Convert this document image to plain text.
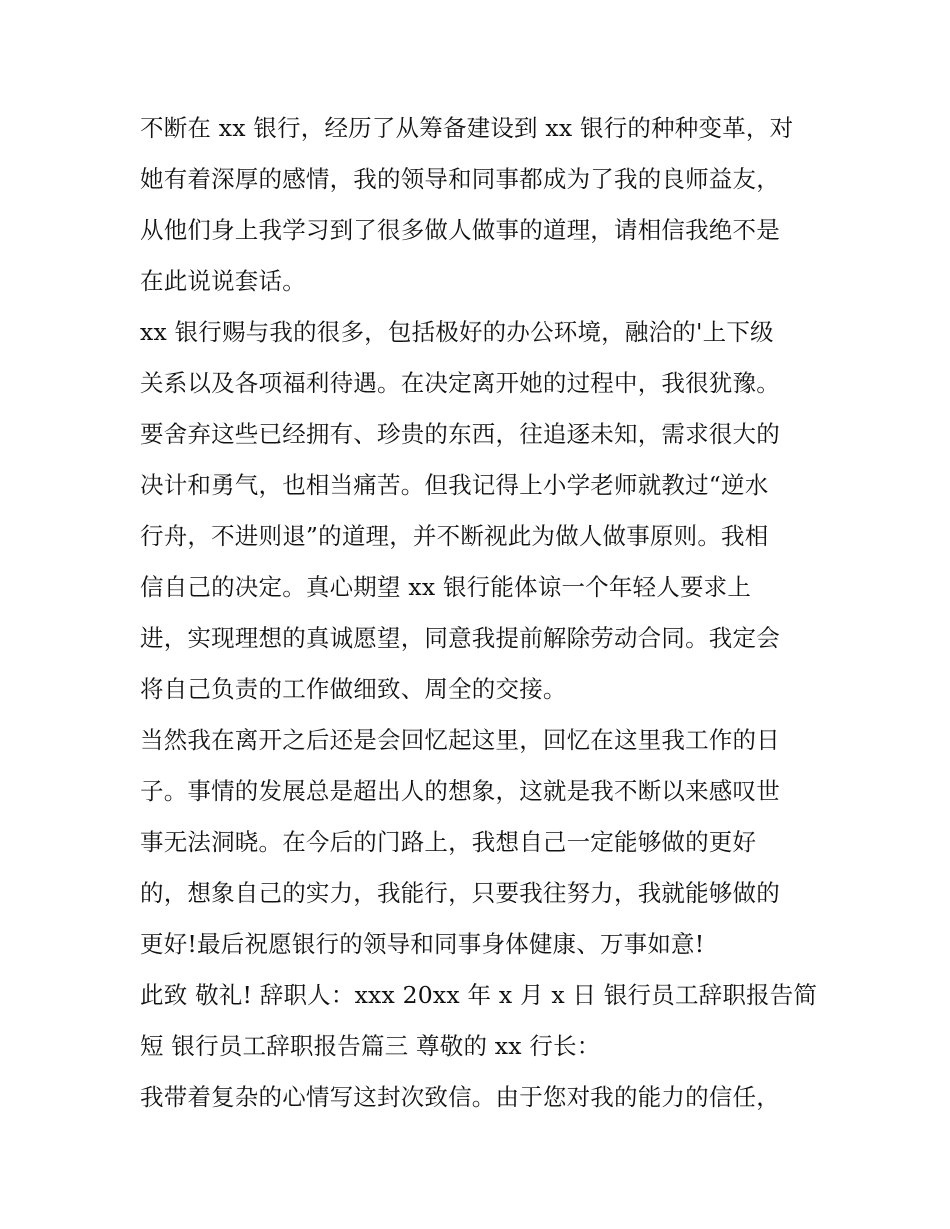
不断在 xx 银行，经历了从筹备建设到 xx 银行的种种变革，对
她有着深厚的感情，我的领导和同事都成为了我的良师益友，
从他们身上我学习到了很多做人做事的道理，请相信我绝不是
在此说说套话。
xx 银行赐与我的很多，包括极好的办公环境，融洽的'上下级
关系以及各项福利待遇。在决定离开她的过程中，我很犹豫。
要舍弃这些已经拥有、珍贵的东西，往追逐未知，需求很大的
决计和勇气，也相当痛苦。但我记得上小学老师就教过“逆水
行舟，不进则退”的道理，并不断视此为做人做事原则。我相
信自己的决定。真心期望 xx 银行能体谅一个年轻人要求上
进，实现理想的真诚愿望，同意我提前解除劳动合同。我定会
将自己负责的工作做细致、周全的交接。
当然我在离开之后还是会回忆起这里，回忆在这里我工作的日
子。事情的发展总是超出人的想象，这就是我不断以来感叹世
事无法洞晓。在今后的门路上，我想自己一定能够做的更好
的，想象自己的实力，我能行，只要我往努力，我就能够做的
更好!最后祝愿银行的领导和同事身体健康、万事如意!
此致 敬礼! 辞职人：xxx 20xx 年 x 月 x 日 银行员工辞职报告简
短 银行员工辞职报告篇三 尊敬的 xx 行长：
我带着复杂的心情写这封次致信。由于您对我的能力的信任，
